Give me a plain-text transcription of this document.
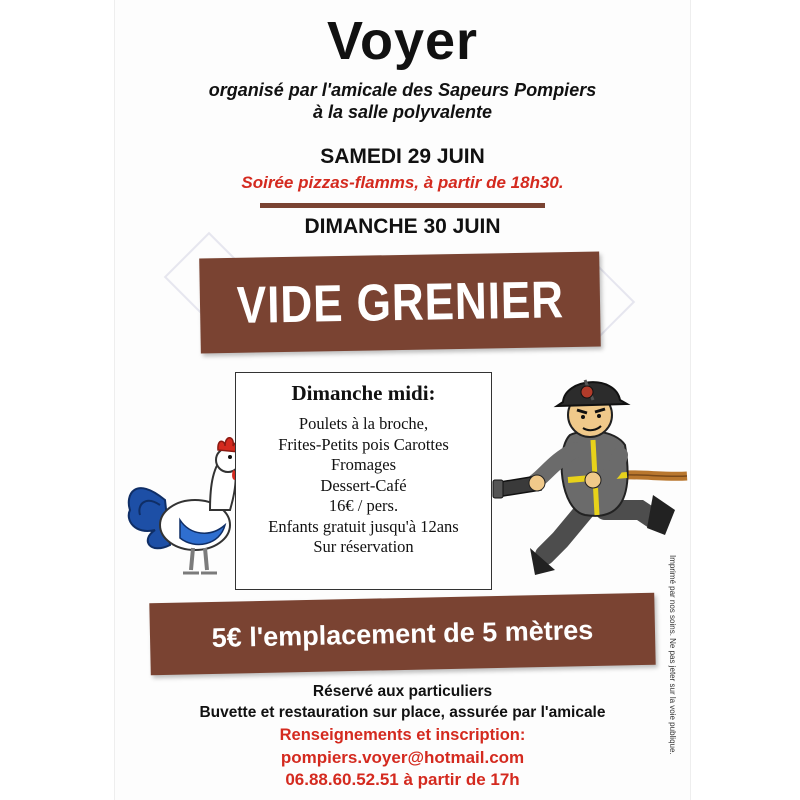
Voyer
organisé par l'amicale des Sapeurs Pompiers
à la salle polyvalente
SAMEDI 29 JUIN
Soirée pizzas-flamms, à partir de 18h30.
DIMANCHE 30 JUIN
VIDE GRENIER
Dimanche midi:
Poulets à la broche,
Frites-Petits pois Carottes
Fromages
Dessert-Café
16€ / pers.
Enfants gratuit jusqu'à 12ans
Sur réservation
5€ l'emplacement de 5 mètres
Réservé aux particuliers
Buvette et restauration sur place, assurée par l'amicale
Renseignements et inscription:
pompiers.voyer@hotmail.com
06.88.60.52.51 à partir de 17h
Imprimé par nos soins. Ne pas jeter sur la voie publique.
